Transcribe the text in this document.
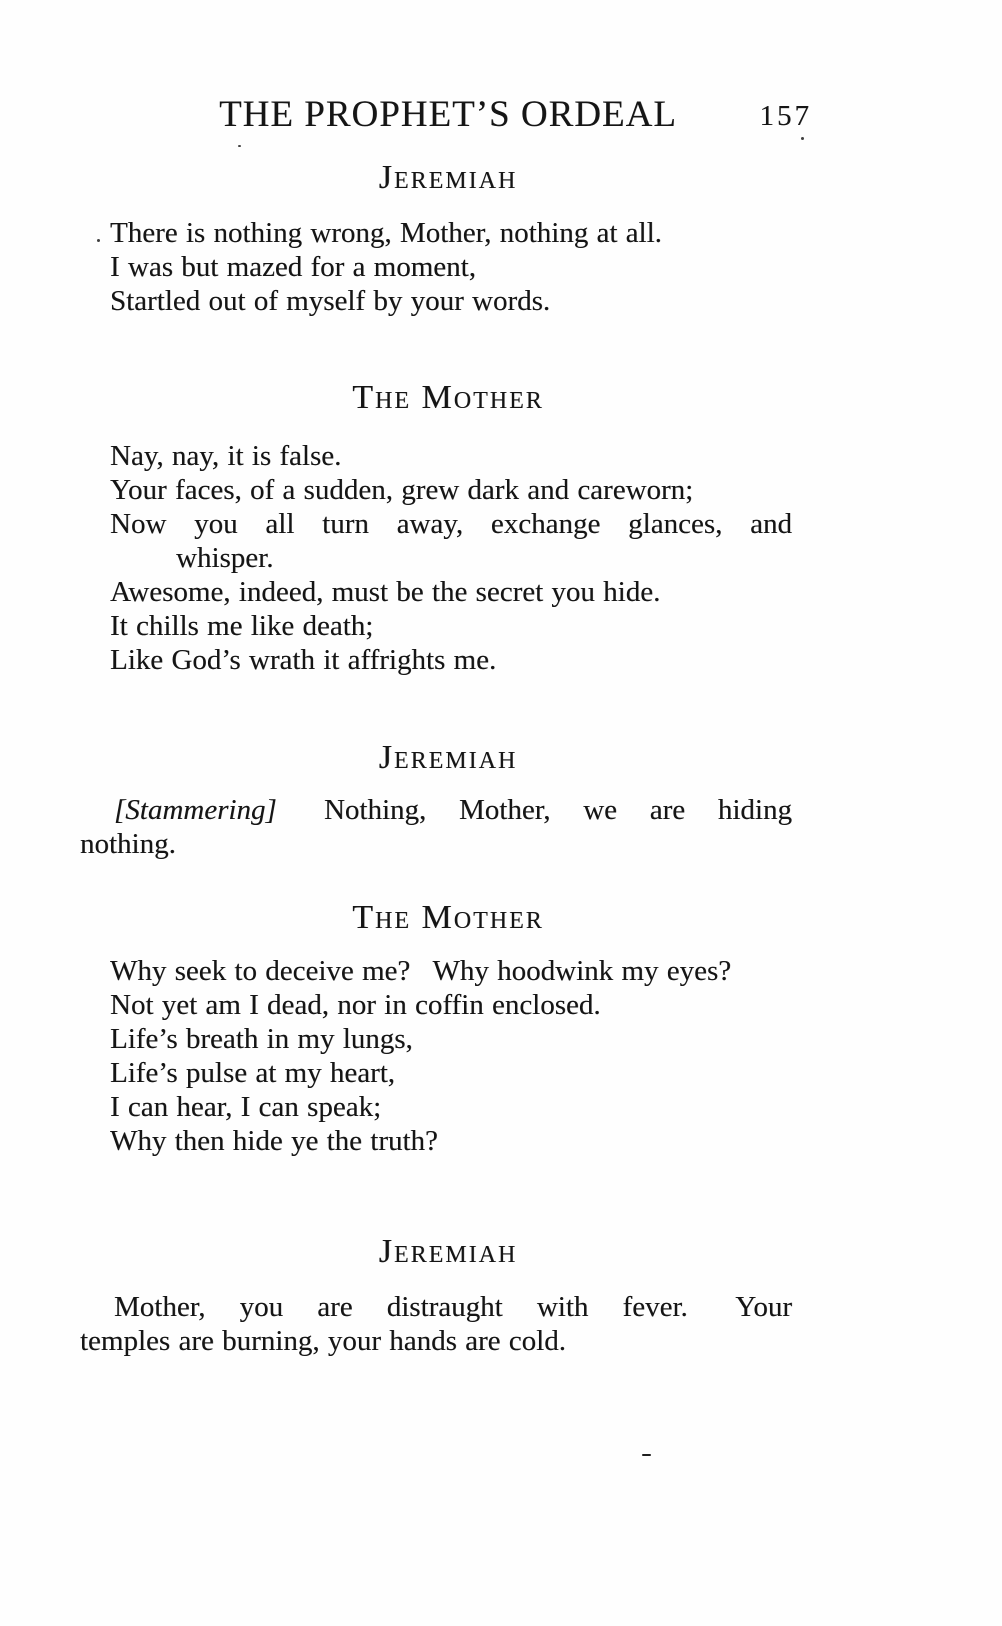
THE PROPHET’S ORDEAL	157
Jeremiah
There is nothing wrong, Mother, nothing at all.
I was but mazed for a moment,
Startled out of myself by your words.
The Mother
Nay, nay, it is false.
Your faces, of a sudden, grew dark and careworn;
Now you all turn away, exchange glances, and
whisper.
Awesome, indeed, must be the secret you hide.
It chills me like death;
Like God’s wrath it affrights me.
Jeremiah
[Stammering]  Nothing, Mother, we are hiding
nothing.
The Mother
Why seek to deceive me?  Why hoodwink my eyes?
Not yet am I dead, nor in coffin enclosed.
Life’s breath in my lungs,
Life’s pulse at my heart,
I can hear, I can speak;
Why then hide ye the truth?
Jeremiah
Mother, you are distraught with fever.  Your
temples are burning, your hands are cold.
